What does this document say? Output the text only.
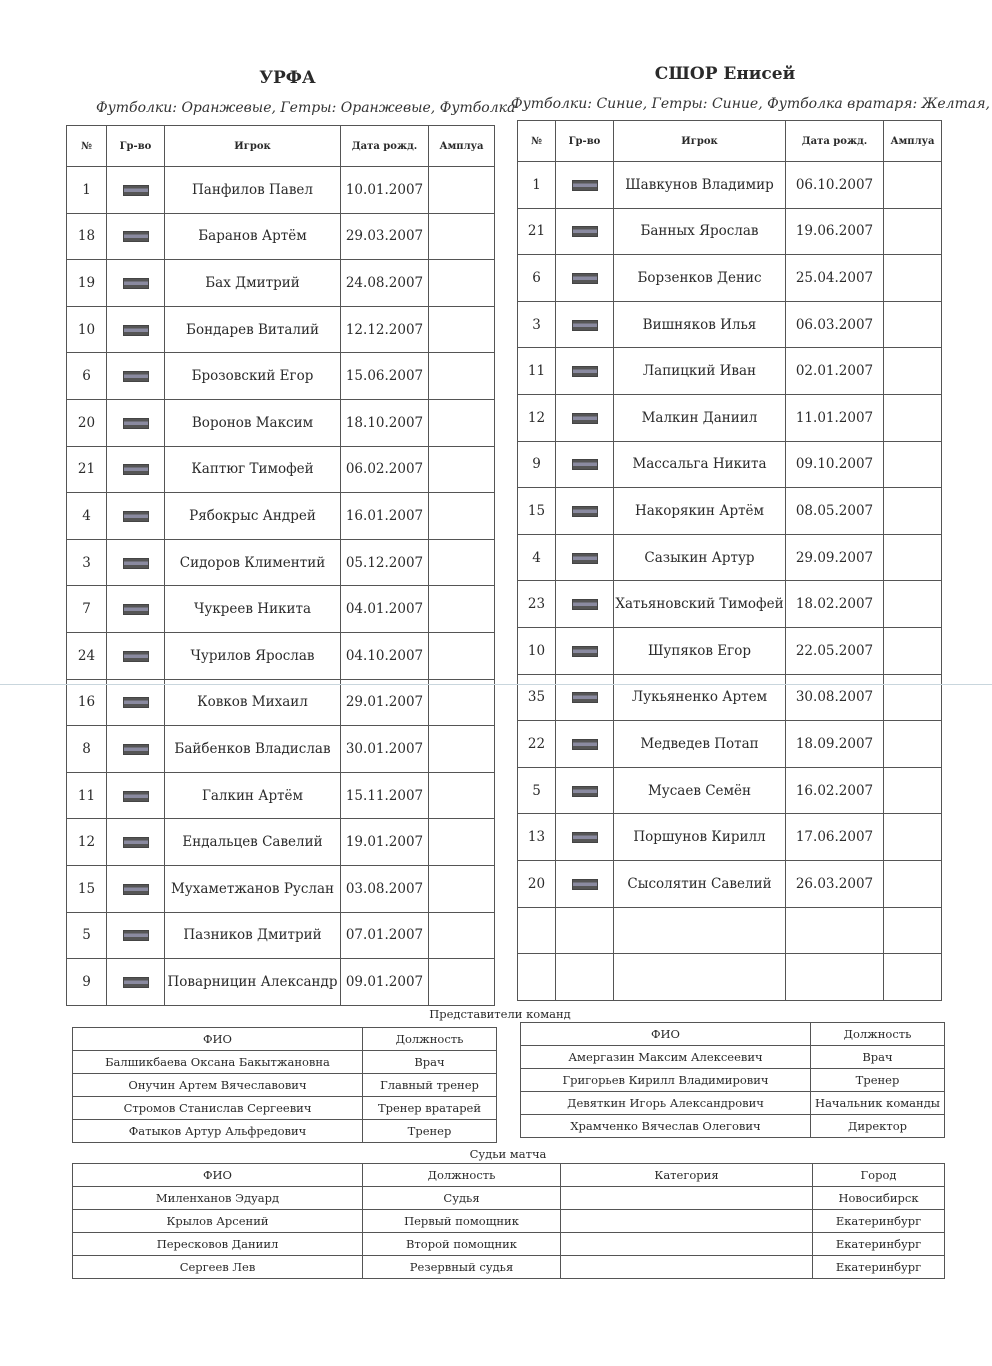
УРФА	СШОР Енисей
Футболки: Оранжевые, Гетры: Оранжевые, Футболка
Футболки: Синие, Гетры: Синие, Футболка вратаря: Желтая,
№	Гр-во	Игрок	Дата рожд.	Амплуа
1		Панфилов Павел	10.01.2007	
18		Баранов Артём	29.03.2007	
19		Бах Дмитрий	24.08.2007	
10		Бондарев Виталий	12.12.2007	
6		Брозовский Егор	15.06.2007	
20		Воронов Максим	18.10.2007	
21		Каптюг Тимофей	06.02.2007	
4		Рябокрыс Андрей	16.01.2007	
3		Сидоров Климентий	05.12.2007	
7		Чукреев Никита	04.01.2007	
24		Чурилов Ярослав	04.10.2007	
16		Ковков Михаил	29.01.2007	
8		Байбенков Владислав	30.01.2007	
11		Галкин Артём	15.11.2007	
12		Ендальцев Савелий	19.01.2007	
15		Мухаметжанов Руслан	03.08.2007	
5		Пазников Дмитрий	07.01.2007	
9		Поварницин Александр	09.01.2007	
№	Гр-во	Игрок	Дата рожд.	Амплуа
1		Шавкунов Владимир	06.10.2007	
21		Банных Ярослав	19.06.2007	
6		Борзенков Денис	25.04.2007	
3		Вишняков Илья	06.03.2007	
11		Лапицкий Иван	02.01.2007	
12		Малкин Даниил	11.01.2007	
9		Массальга Никита	09.10.2007	
15		Накорякин Артём	08.05.2007	
4		Сазыкин Артур	29.09.2007	
23		Хатьяновский Тимофей	18.02.2007	
10		Шупяков Егор	22.05.2007	
35		Лукьяненко Артем	30.08.2007	
22		Медведев Потап	18.09.2007	
5		Мусаев Семён	16.02.2007	
13		Поршунов Кирилл	17.06.2007	
20		Сысолятин Савелий	26.03.2007	

Представители команд
ФИО	Должность
Балшикбаева Оксана Бакытжановна	Врач
Онучин Артем Вячеславович	Главный тренер
Стромов Станислав Сергеевич	Тренер вратарей
Фатыков Артур Альфредович	Тренер
ФИО	Должность
Амергазин Максим Алексеевич	Врач
Григорьев Кирилл Владимирович	Тренер
Девяткин Игорь Александрович	Начальник команды
Храмченко Вячеслав Олегович	Директор
Судьи матча
ФИО	Должность	Категория	Город
Миленханов Эдуард	Судья		Новосибирск
Крылов Арсений	Первый помощник		Екатеринбург
Пересковов Даниил	Второй помощник		Екатеринбург
Сергеев Лев	Резервный судья		Екатеринбург
